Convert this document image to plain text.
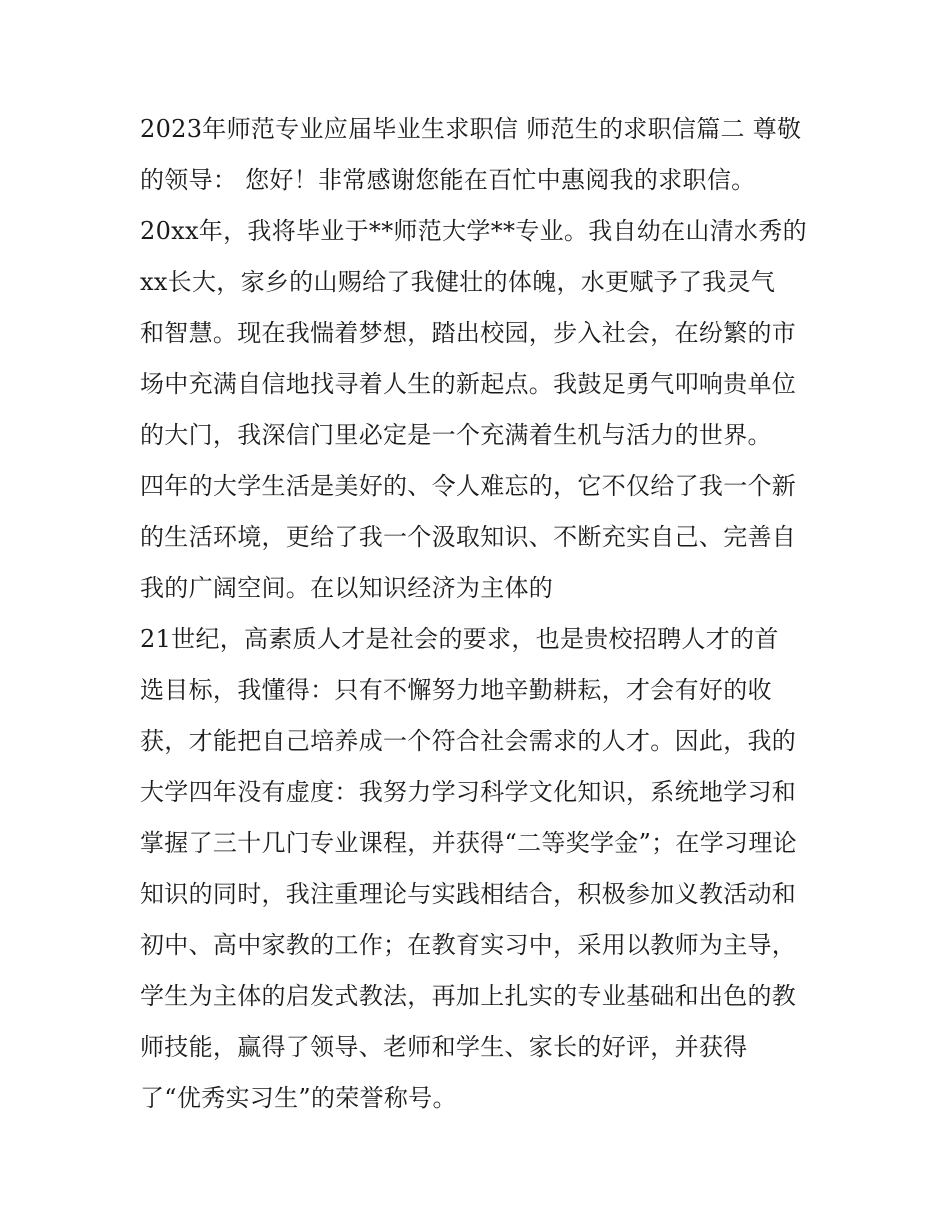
2023年师范专业应届毕业生求职信 师范生的求职信篇二 尊敬
的领导： 您好！非常感谢您能在百忙中惠阅我的求职信。
20xx年，我将毕业于**师范大学**专业。我自幼在山清水秀的
xx长大，家乡的山赐给了我健壮的体魄，水更赋予了我灵气
和智慧。现在我惴着梦想，踏出校园，步入社会，在纷繁的市
场中充满自信地找寻着人生的新起点。我鼓足勇气叩响贵单位
的大门，我深信门里必定是一个充满着生机与活力的世界。
四年的大学生活是美好的、令人难忘的，它不仅给了我一个新
的生活环境，更给了我一个汲取知识、不断充实自己、完善自
我的广阔空间。在以知识经济为主体的
21世纪，高素质人才是社会的要求，也是贵校招聘人才的首
选目标，我懂得：只有不懈努力地辛勤耕耘，才会有好的收
获，才能把自己培养成一个符合社会需求的人才。因此，我的
大学四年没有虚度：我努力学习科学文化知识，系统地学习和
掌握了三十几门专业课程，并获得“二等奖学金”；在学习理论
知识的同时，我注重理论与实践相结合，积极参加义教活动和
初中、高中家教的工作；在教育实习中，采用以教师为主导，
学生为主体的启发式教法，再加上扎实的专业基础和出色的教
师技能，赢得了领导、老师和学生、家长的好评，并获得
了“优秀实习生”的荣誉称号。
